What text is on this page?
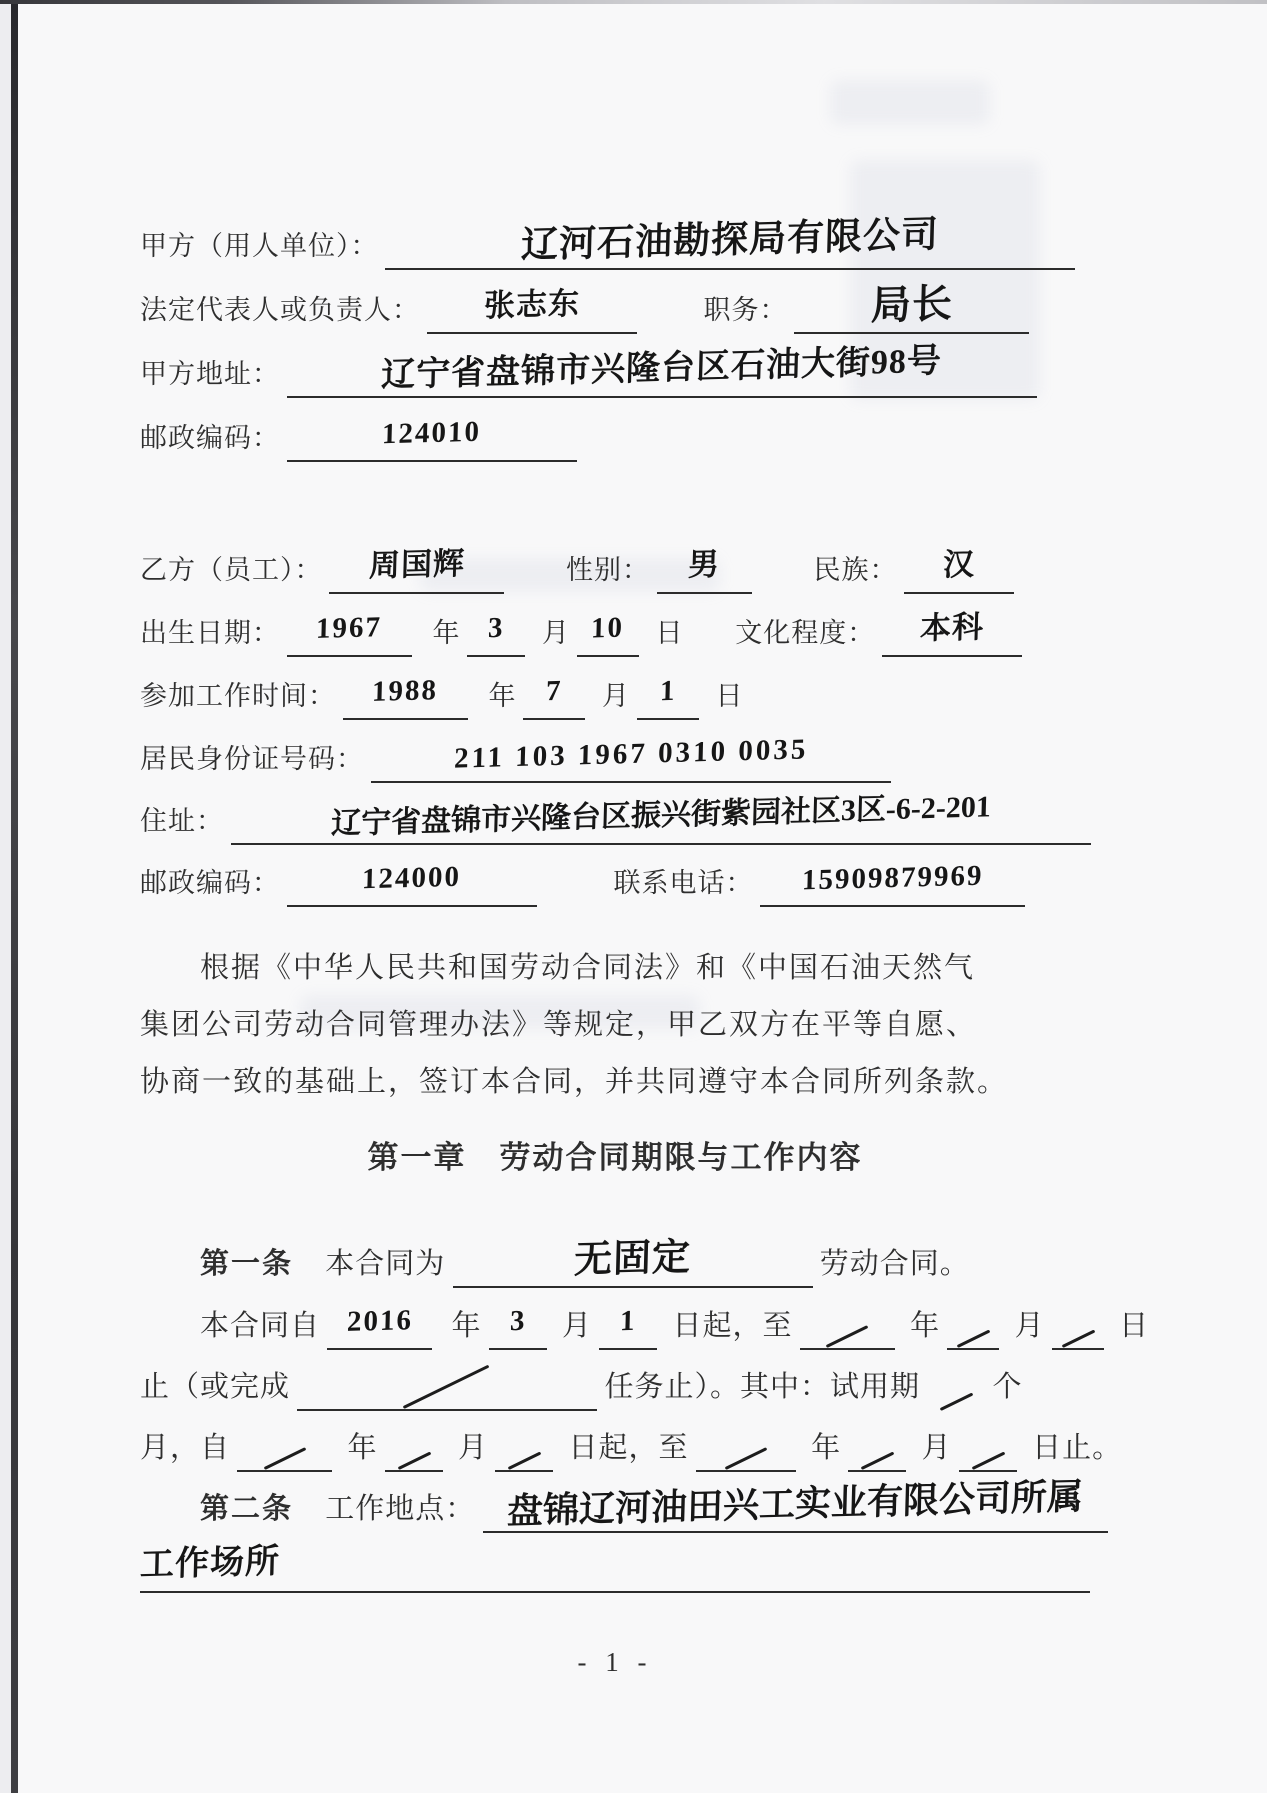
甲方（用人单位）：	辽河石油勘探局有限公司
法定代表人或负责人： 张志东	职务： 局长
甲方地址：	辽宁省盘锦市兴隆台区石油大街98号
邮政编码：	124010
乙方（员工）： 周国辉	性别： 男	民族： 汉
出生日期： 1967 年 3 月 10 日 文化程度： 本科
参加工作时间： 1988 年 7 月 1 日
居民身份证号码：	211 103 1967 0310 0035
住址：	辽宁省盘锦市兴隆台区振兴街紫园社区3区-6-2-201
邮政编码：	124000	联系电话： 15909879969
根据《中华人民共和国劳动合同法》和《中国石油天然气
集团公司劳动合同管理办法》等规定，甲乙双方在平等自愿、
协商一致的基础上，签订本合同，并共同遵守本合同所列条款。
第一章　劳动合同期限与工作内容
第一条 本合同为	无固定	劳动合同。
本合同自 2016 年 3 月 1 日起，至	年	月	日
止（或完成	任务止）。其中：试用期	个
月，自	年	月	日起，至	年	月	日止。
第二条 工作地点： 盘锦辽河油田兴工实业有限公司所属
工作场所
- 1 -
